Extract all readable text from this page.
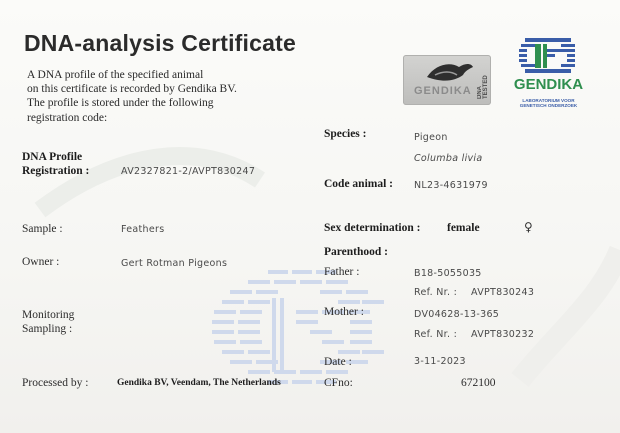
DNA-analysis Certificate
A DNA profile of the specified animal
on this certificate is recorded by Gendika BV.
The profile is stored under the following
registration code:
GENDIKA DNA TESTED GENDIKA
LABORATORIUM VOOR
GENETISCH ONDERZOEK
DNA Profile
Registration :	AV2327821-2/AVPT830247
Sample :	Feathers
Owner :	Gert Rotman Pigeons
Monitoring
Sampling :
Processed by :	Gendika BV, Veendam, The Netherlands
Species :	Pigeon
Columba livia
Code animal : NL23-4631979
Sex determination : female	♀
Parenthood :
Father :	B18-5055035
Ref. Nr. : AVPT830243
Mother :	DV04628-13-365
Ref. Nr. : AVPT830232
Date :	3-11-2023
CFno:	672100
